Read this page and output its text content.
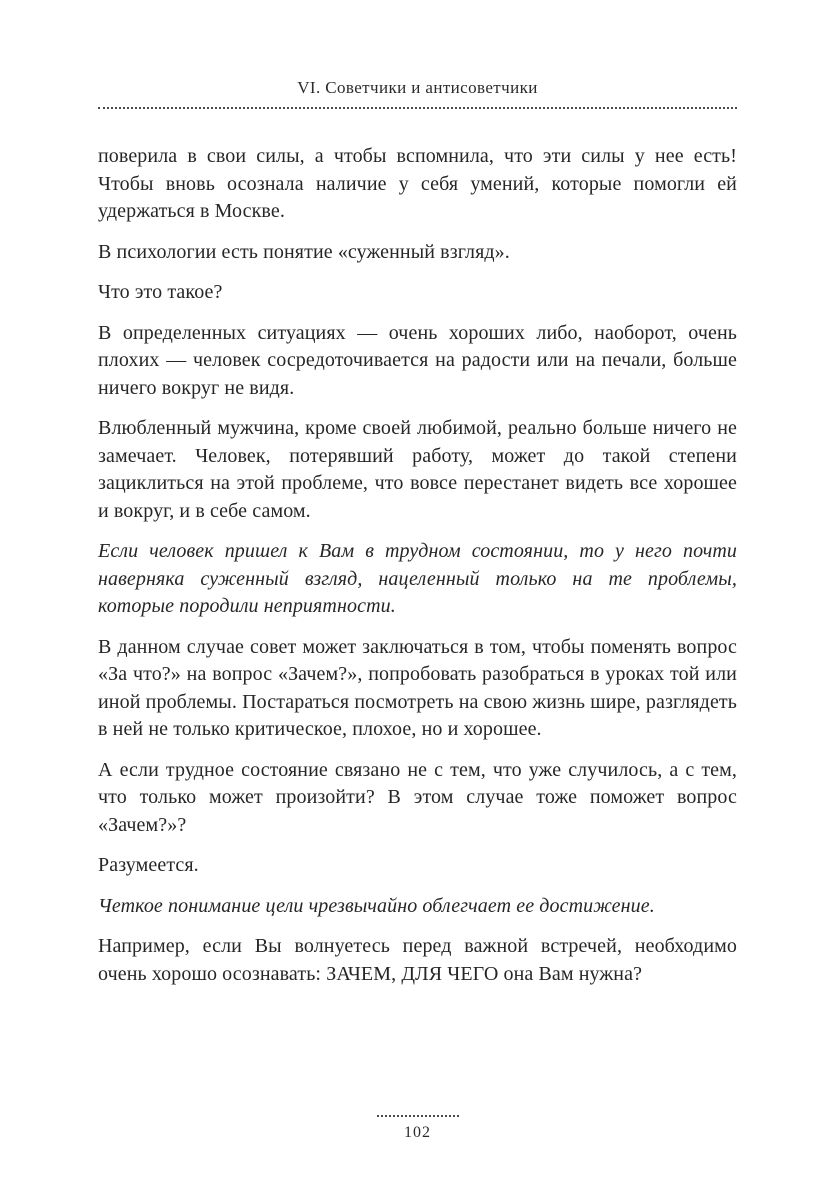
VI. Советчики и антисоветчики

поверила в свои силы, а чтобы вспомнила, что эти силы у нее есть! Чтобы вновь осознала наличие у себя умений, которые помогли ей удержаться в Москве.

В психологии есть понятие «суженный взгляд».

Что это такое?

В определенных ситуациях — очень хороших либо, наоборот, очень плохих — человек сосредоточивается на радости или на печали, больше ничего вокруг не видя.

Влюбленный мужчина, кроме своей любимой, реально больше ничего не замечает. Человек, потерявший работу, может до такой степени зациклиться на этой проблеме, что вовсе перестанет видеть все хорошее и вокруг, и в себе самом.

Если человек пришел к Вам в трудном состоянии, то у него почти наверняка суженный взгляд, нацеленный только на те проблемы, которые породили неприятности.

В данном случае совет может заключаться в том, чтобы поменять вопрос «За что?» на вопрос «Зачем?», попробовать разобраться в уроках той или иной проблемы. Постараться посмотреть на свою жизнь шире, разглядеть в ней не только критическое, плохое, но и хорошее.

А если трудное состояние связано не с тем, что уже случилось, а с тем, что только может произойти? В этом случае тоже поможет вопрос «Зачем?»?

Разумеется.

Четкое понимание цели чрезвычайно облегчает ее достижение.

Например, если Вы волнуетесь перед важной встречей, необходимо очень хорошо осознавать: ЗАЧЕМ, ДЛЯ ЧЕГО она Вам нужна?

102
